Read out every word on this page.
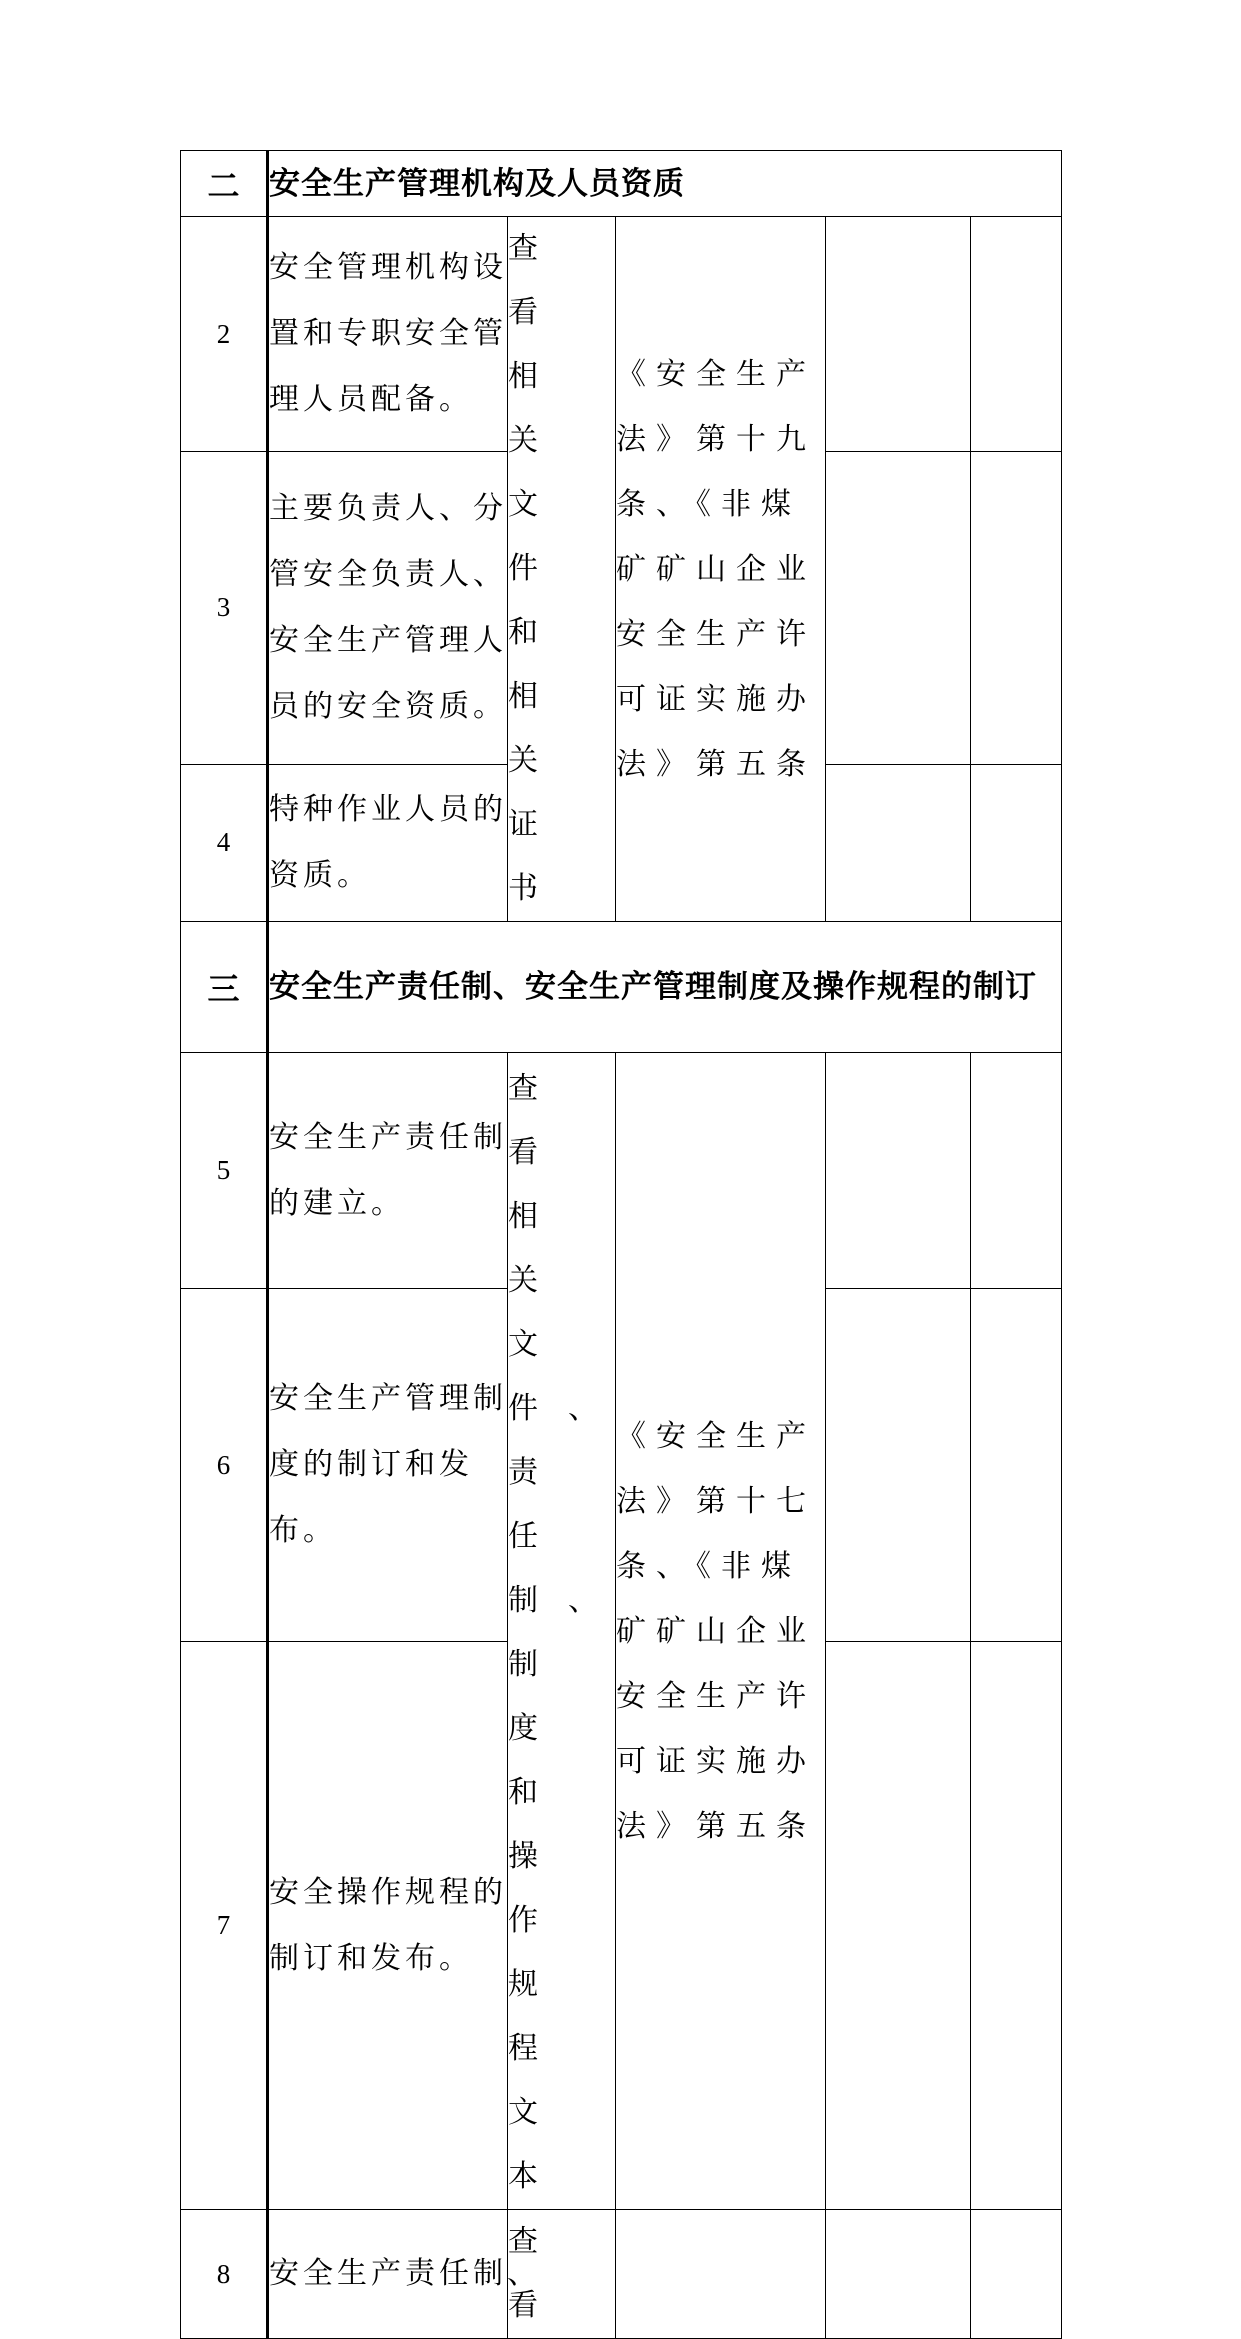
二	安全生产管理机构及人员资质				
2	安全管理机构设置和专职安全管理人员配备。	查看相关文件和相关证书	《安全生产法》第十九条、《非煤矿矿山企业安全生产许可证实施办法》第五条		
3	主要负责人、分管安全负责人、安全生产管理人员的安全资质。				
4	特种作业人员的资质。				
三	安全生产责任制、安全生产管理制度及操作规程的制订				
5	安全生产责任制的建立。	查看相关文件、责任制、制度和操作规程文本	《安全生产法》第十七条、《非煤矿矿山企业安全生产许可证实施办法》第五条		
6	安全生产管理制度的制订和发布。				
7	安全操作规程的制订和发布。				
8	安全生产责任制、	查看			
